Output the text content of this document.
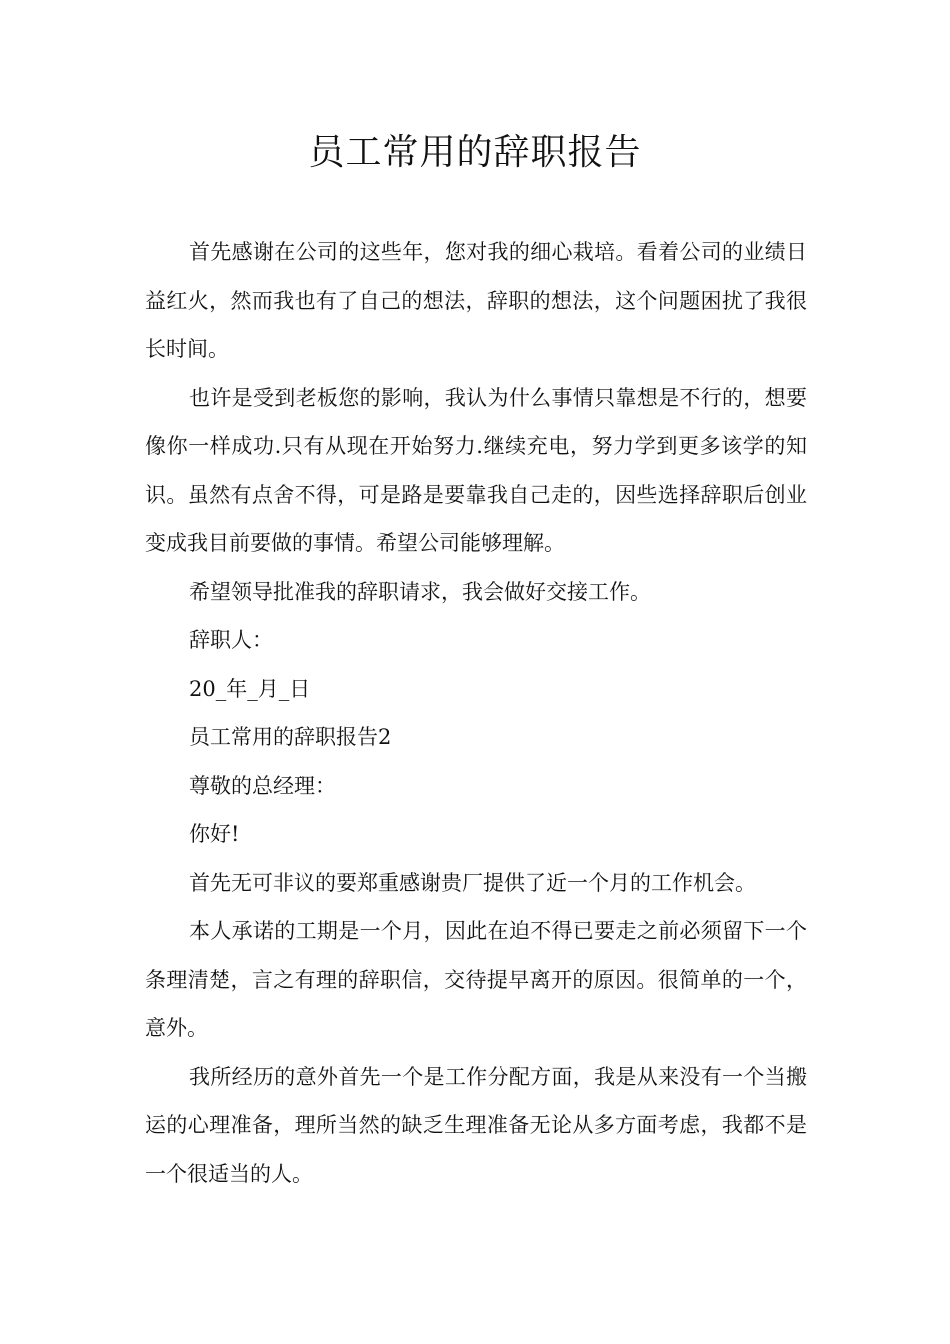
员工常用的辞职报告

首先感谢在公司的这些年，您对我的细心栽培。看着公司的业绩日益红火，然而我也有了自己的想法，辞职的想法，这个问题困扰了我很长时间。

也许是受到老板您的影响，我认为什么事情只靠想是不行的，想要像你一样成功.只有从现在开始努力.继续充电，努力学到更多该学的知识。虽然有点舍不得，可是路是要靠我自己走的，因些选择辞职后创业变成我目前要做的事情。希望公司能够理解。

希望领导批准我的辞职请求，我会做好交接工作。

辞职人：

20_年_月_日

员工常用的辞职报告2

尊敬的总经理：

你好!

首先无可非议的要郑重感谢贵厂提供了近一个月的工作机会。

本人承诺的工期是一个月，因此在迫不得已要走之前必须留下一个条理清楚，言之有理的辞职信，交待提早离开的原因。很简单的一个，意外。

我所经历的意外首先一个是工作分配方面，我是从来没有一个当搬运的心理准备，理所当然的缺乏生理准备无论从多方面考虑，我都不是一个很适当的人。
